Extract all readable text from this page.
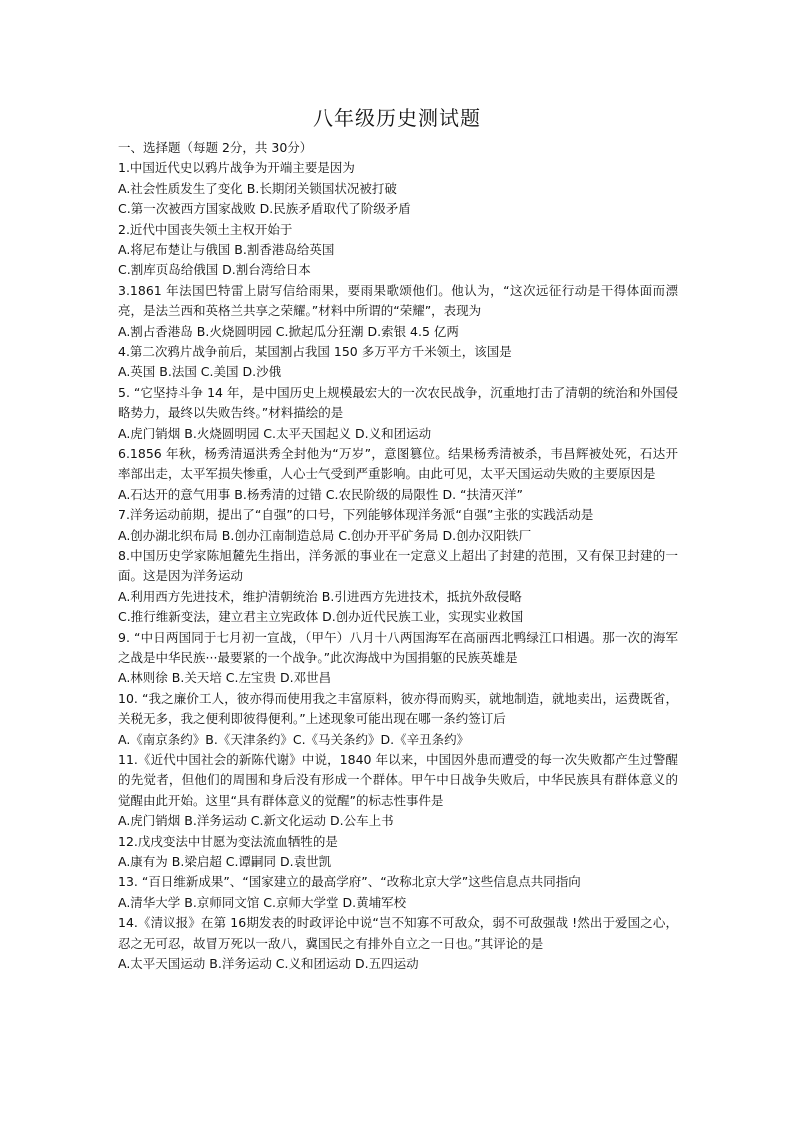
八年级历史测试题
一、选择题（每题 2分，共 30分）
1.中国近代史以鸦片战争为开端主要是因为
A.社会性质发生了变化 B.长期闭关锁国状况被打破
C.第一次被西方国家战败 D.民族矛盾取代了阶级矛盾
2.近代中国丧失领土主权开始于
A.将尼布楚让与俄国 B.割香港岛给英国
C.割库页岛给俄国 D.割台湾给日本
3.1861 年法国巴特雷上尉写信给雨果，要雨果歌颂他们。他认为，“这次远征行动是干得体面而漂亮，是法兰西和英格兰共享之荣耀。”材料中所谓的“荣耀”，表现为
A.割占香港岛 B.火烧圆明园 C.掀起瓜分狂潮 D.索银 4.5 亿两
4.第二次鸦片战争前后，某国割占我国 150 多万平方千米领土，该国是
A.英国 B.法国 C.美国 D.沙俄
5. “它坚持斗争 14 年，是中国历史上规模最宏大的一次农民战争，沉重地打击了清朝的统治和外国侵略势力，最终以失败告终。”材料描绘的是
A.虎门销烟 B.火烧圆明园 C.太平天国起义 D.义和团运动
6.1856 年秋，杨秀清逼洪秀全封他为“万岁”，意图篡位。结果杨秀清被杀，韦昌辉被处死，石达开率部出走，太平军损失惨重，人心士气受到严重影响。由此可见，太平天国运动失败的主要原因是
A.石达开的意气用事 B.杨秀清的过错 C.农民阶级的局限性 D. “扶清灭洋”
7.洋务运动前期，提出了“自强”的口号，下列能够体现洋务派“自强”主张的实践活动是
A.创办湖北织布局 B.创办江南制造总局 C.创办开平矿务局 D.创办汉阳铁厂
8.中国历史学家陈旭麓先生指出，洋务派的事业在一定意义上超出了封建的范围，又有保卫封建的一面。这是因为洋务运动
A.利用西方先进技术，维护清朝统治 B.引进西方先进技术，抵抗外敌侵略
C.推行维新变法，建立君主立宪政体 D.创办近代民族工业，实现实业救国
9. “中日两国同于七月初一宣战，（甲午）八月十八两国海军在高丽西北鸭绿江口相遇。那一次的海军之战是中华民族···最要紧的一个战争。”此次海战中为国捐躯的民族英雄是
A.林则徐 B.关天培 C.左宝贵 D.邓世昌
10. “我之廉价工人，彼亦得而使用我之丰富原料，彼亦得而购买，就地制造，就地卖出，运费既省，关税无多，我之便利即彼得便利。”上述现象可能出现在哪一条约签订后
A.《南京条约》B.《天津条约》C.《马关条约》D.《辛丑条约》
11.《近代中国社会的新陈代谢》中说，1840 年以来，中国因外患而遭受的每一次失败都产生过警醒的先觉者，但他们的周围和身后没有形成一个群体。甲午中日战争失败后，中华民族具有群体意义的觉醒由此开始。这里“具有群体意义的觉醒”的标志性事件是
A.虎门销烟 B.洋务运动 C.新文化运动 D.公车上书
12.戊戌变法中甘愿为变法流血牺牲的是
A.康有为 B.梁启超 C.谭嗣同 D.袁世凯
13. “百日维新成果”、“国家建立的最高学府”、“改称北京大学”这些信息点共同指向
A.清华大学 B.京师同文馆 C.京师大学堂 D.黄埔军校
14.《清议报》在第 16期发表的时政评论中说“岂不知寡不可敌众，弱不可敌强哉 !然出于爱国之心，忍之无可忍，故冒万死以一敌八，冀国民之有排外自立之一日也。”其评论的是
A.太平天国运动 B.洋务运动 C.义和团运动 D.五四运动
